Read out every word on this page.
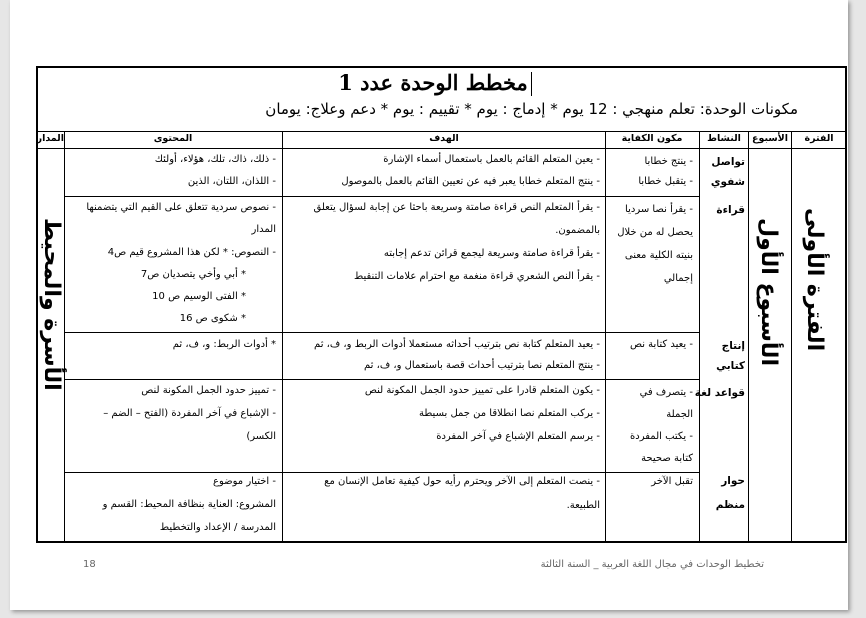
مخطط الوحدة عدد 1
مكونات الوحدة: تعلم منهجي : 12 يوم * إدماج : يوم * تقييم : يوم * دعم وعلاج: يومان
الفترة
الأسبوع
النشاط
مكون الكفاية
الهدف
المحتوى
المدار
الفترة الأولى
الأسبوع الأول
الأسرة والمحيط
تواصل
شفوي
- ينتج خطابا
- يتقبل خطابا
- يعين المتعلم القائم بالعمل باستعمال أسماء الإشارة
- ينتج المتعلم خطابا يعبر فيه عن تعيين القائم بالعمل بالموصول
- ذلك، ذاك، تلك، هؤلاء، أولئك
- اللذان، اللتان، الذين
قراءة
- يقرأ نصا سرديا
يحصل له من خلال
بنيته الكلية معنى
إجمالي
- يقرأ المتعلم النص قراءة صامتة وسريعة باحثا عن إجابة لسؤال يتعلق
بالمضمون.
- يقرأ قراءة صامتة وسريعة ليجمع قرائن تدعم إجابته
- يقرأ النص الشعري قراءة منغمة مع احترام علامات التنقيط
- نصوص سردية تتعلق على القيم التي يتضمنها
المدار
- النصوص: * لكن هذا المشروع قيم ص4
* أبي وأخي يتصديان ص7
* الفتى الوسيم ص 10
* شكوى ص 16
إنتاج
كتابي
- يعيد كتابة نص
- يعيد المتعلم كتابة نص بترتيب أحداثه مستعملا أدوات الربط و، ف، ثم
- ينتج المتعلم نصا بترتيب أحداث قصة باستعمال و، ف، ثم
* أدوات الربط: و، ف، ثم
قواعد لغة
- يتصرف في
الجملة
- يكتب المفردة
كتابة صحيحة
- يكون المتعلم قادرا على تمييز حدود الجمل المكونة لنص
- يركب المتعلم نصا انطلاقا من جمل بسيطة
- يرسم المتعلم الإشباع في آخر المفردة
- تمييز حدود الجمل المكونة لنص
- الإشباع في آخر المفردة (الفتح – الضم –
الكسر)
حوار
منظم
تقبل الآخر
- ينصت المتعلم إلى الآخر ويحترم رأيه حول كيفية تعامل الإنسان مع
الطبيعة.
- اختيار موضوع
المشروع: العناية بنظافة المحيط: القسم و
المدرسة / الإعداد والتخطيط
18	تخطيط الوحدات في مجال اللغة العربية _ السنة الثالثة
